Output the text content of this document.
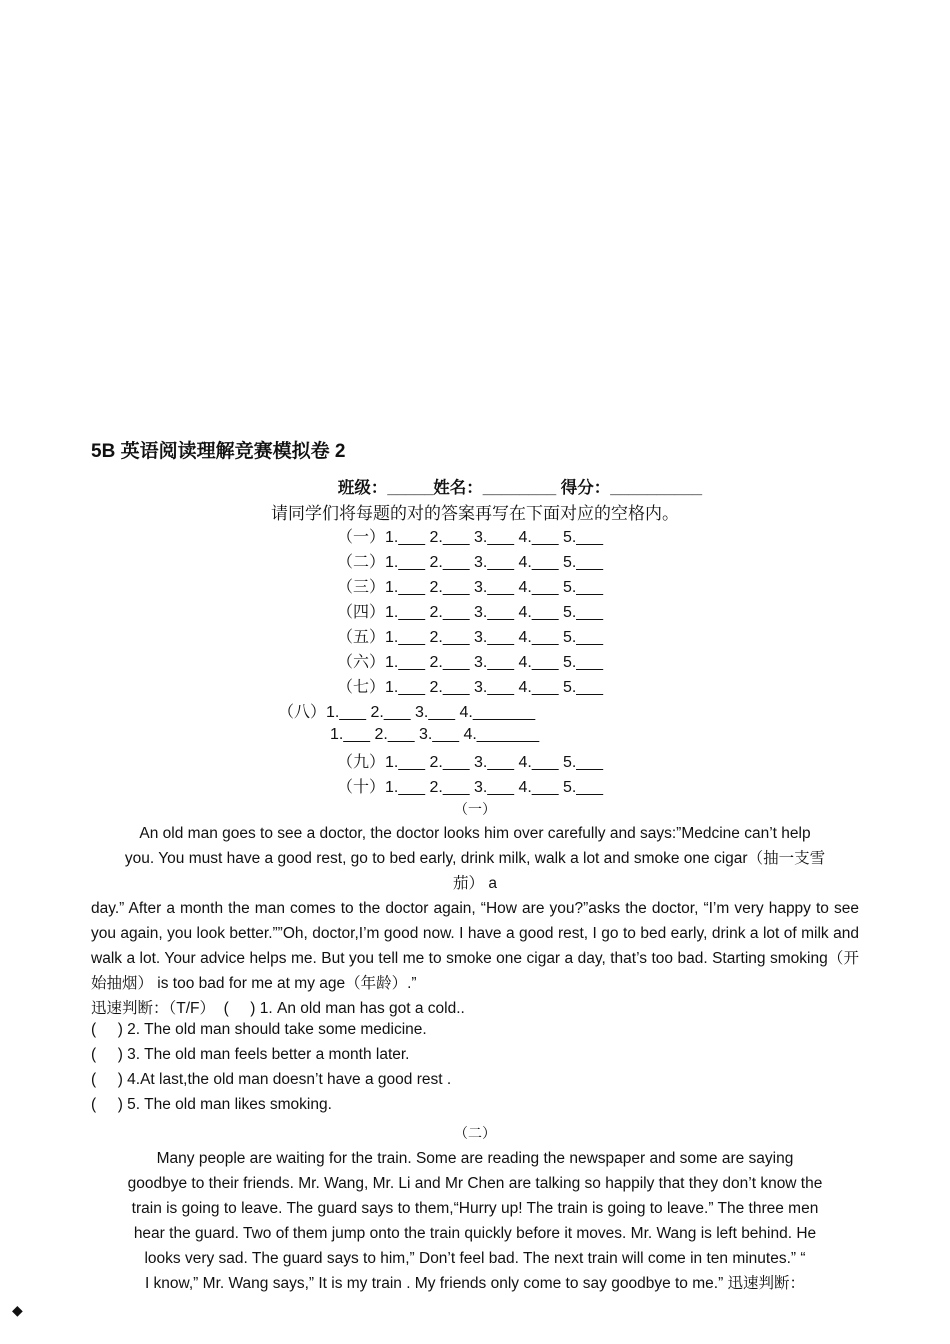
5B 英语阅读理解竞赛模拟卷 2
班级：_____姓名：________ 得分：__________
请同学们将每题的对的答案再写在下面对应的空格内。
（一）1.___ 2.___ 3.___ 4.___ 5.___
（二）1.___ 2.___ 3.___ 4.___ 5.___
（三）1.___ 2.___ 3.___ 4.___ 5.___
（四）1.___ 2.___ 3.___ 4.___ 5.___
（五）1.___ 2.___ 3.___ 4.___ 5.___
（六）1.___ 2.___ 3.___ 4.___ 5.___
（七）1.___ 2.___ 3.___ 4.___ 5.___
（八）1.___ 2.___ 3.___ 4._______
1.___ 2.___ 3.___ 4._______
（九）1.___ 2.___ 3.___ 4.___ 5.___
（十）1.___ 2.___ 3.___ 4.___ 5.___
（一）
An old man goes to see a doctor, the doctor looks him over carefully and says:”Medcine can’t help
you. You must have a good rest, go to bed early, drink milk, walk a lot and smoke one cigar（抽一支雪
茄） a
day.” After a month the man comes to the doctor again, “How are you?”asks the doctor, “I’m very happy to see you again, you look better.””Oh, doctor,I’m good now. I have a good rest, I go to bed early, drink a lot of milk and walk a lot. Your advice helps me. But you tell me to smoke one cigar a day, that’s too bad. Starting smoking（开始抽烟） is too bad for me at my age（年龄）.”
迅速判断：（T/F）  (     ) 1. An old man has got a cold..
(     ) 2. The old man should take some medicine.
(     ) 3. The old man feels better a month later.
(     ) 4.At last,the old man doesn’t have a good rest .
(     ) 5. The old man likes smoking.
（二）
Many people are waiting for the train. Some are reading the newspaper and some are saying
goodbye to their friends. Mr. Wang, Mr. Li and Mr Chen are talking so happily that they don’t know the
train is going to leave. The guard says to them,“Hurry up! The train is going to leave.” The three men
hear the guard. Two of them jump onto the train quickly before it moves. Mr. Wang is left behind. He
looks very sad. The guard says to him,” Don’t feel bad. The next train will come in ten minutes.” “
I know,” Mr. Wang says,” It is my train . My friends only come to say goodbye to me.” 迅速判断：
◆
